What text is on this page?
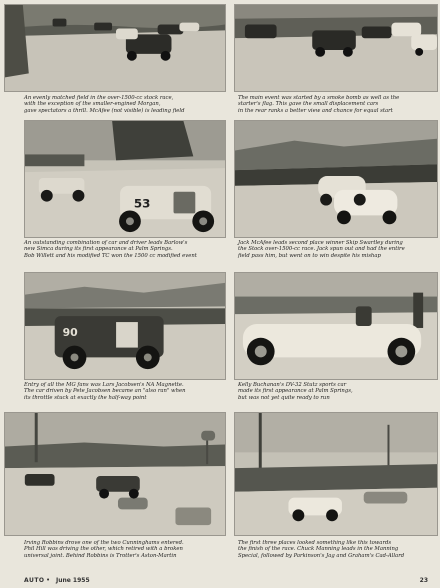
An evenly matched field in the over-1500-cc stock race,
with the exception of the smaller-engined Morgan,
gave spectators a thrill. McAfee (not visible) is leading field
The main event was started by a smoke bomb as well as the
starter's flag. This gave the small displacement cars
in the rear ranks a better view and chance for equal start
53
An outstanding combination of car and driver leads Barlow's
new Simca during its first appearance at Palm Springs.
Bob Willett and his modified TC won the 1500 cc modified event
Jack McAfee leads second place winner Skip Swartley during
the Stock over-1500-cc race. Jack spun out and had the entire
field pass him, but went on to win despite his mishap
90
Entry of all the MG fans was Lars Jacobsen's NA Magnette.
The car driven by Pete Jacobsen became an "also ran" when
its throttle stuck at exactly the half-way point
Kelly Buchanan's DV-32 Stutz sports car
made its first appearance at Palm Springs,
but was not yet quite ready to run
Irving Robbins drove one of the two Cunninghams entered.
Phil Hill was driving the other, which retired with a broken
universal joint. Behind Robbins is Trotter's Aston-Martin
The first three places looked something like this towards
the finish of the race. Chuck Manning leads in the Manning
Special, followed by Parkinson's Jag and Graham's Cad-Allard
AUTO • June 1955	23
